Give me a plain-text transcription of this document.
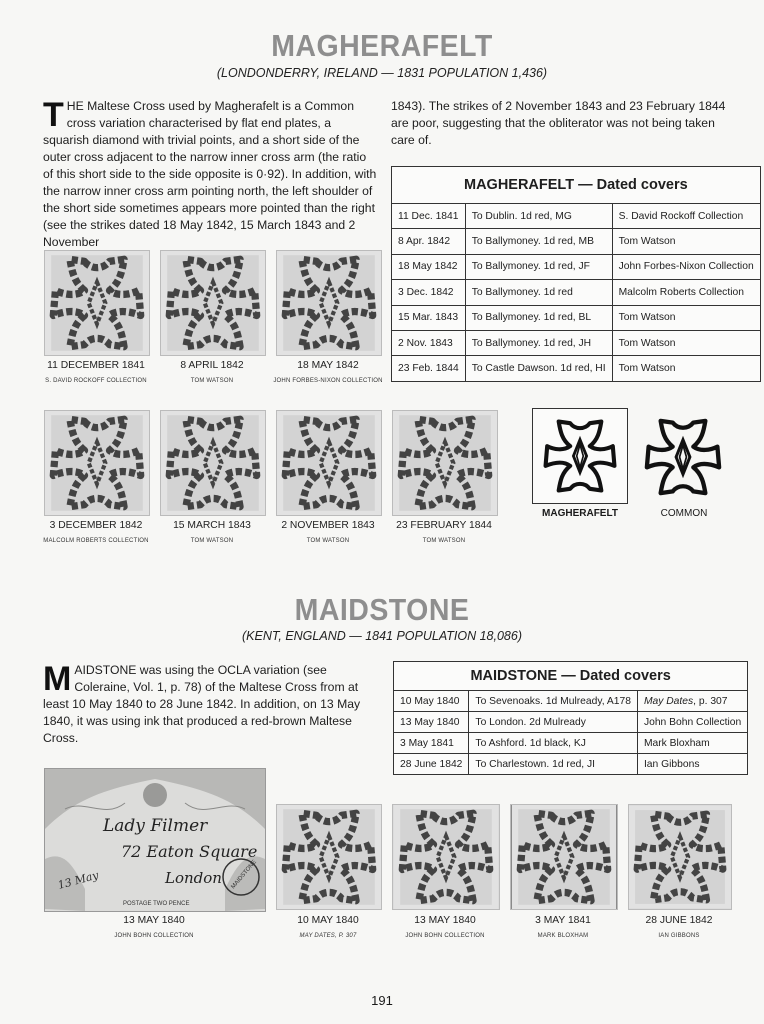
MAGHERAFELT
(LONDONDERRY, IRELAND — 1831 POPULATION 1,436)
THE Maltese Cross used by Magherafelt is a Common cross variation characterised by flat end plates, a squarish diamond with trivial points, and a short side of the outer cross adjacent to the narrow inner cross arm (the ratio of this short side to the side opposite is 0·92). In addition, with the narrow inner cross arm pointing north, the left shoulder of the short side sometimes appears more pointed than the right (see the strikes dated 18 May 1842, 15 March 1843 and 2 November
1843). The strikes of 2 November 1843 and 23 February 1844 are poor, suggesting that the obliterator was not being taken care of.
MAGHERAFELT — Dated covers		
11 Dec. 1841	To Dublin. 1d red, MG	S. David Rockoff Collection
8 Apr. 1842	To Ballymoney. 1d red, MB	Tom Watson
18 May 1842	To Ballymoney. 1d red, JF	John Forbes-Nixon Collection
3 Dec. 1842	To Ballymoney. 1d red	Malcolm Roberts Collection
15 Mar. 1843	To Ballymoney. 1d red, BL	Tom Watson
2 Nov. 1843	To Ballymoney. 1d red, JH	Tom Watson
23 Feb. 1844	To Castle Dawson. 1d red, HI	Tom Watson
11 DECEMBER 1841
S. DAVID ROCKOFF COLLECTION
8 APRIL 1842
TOM WATSON
18 MAY 1842
JOHN FORBES-NIXON COLLECTION
3 DECEMBER 1842
MALCOLM ROBERTS COLLECTION
15 MARCH 1843
TOM WATSON
2 NOVEMBER 1843
TOM WATSON
23 FEBRUARY 1844
TOM WATSON
MAGHERAFELT	COMMON
MAIDSTONE
(KENT, ENGLAND — 1841 POPULATION 18,086)
MAIDSTONE was using the OCLA variation (see Coleraine, Vol. 1, p. 78) of the Maltese Cross from at least 10 May 1840 to 28 June 1842. In addition, on 13 May 1840, it was using ink that produced a red-brown Maltese Cross.
MAIDSTONE — Dated covers		
10 May 1840	To Sevenoaks. 1d Mulready, A178	May Dates, p. 307
13 May 1840	To London. 2d Mulready	John Bohn Collection
3 May 1841	To Ashford. 1d black, KJ	Mark Bloxham
28 June 1842	To Charlestown. 1d red, JI	Ian Gibbons
Lady Filmer
72 Eaton Square
London
13 May	MAIDSTONE
POSTAGE TWO PENCE
13 MAY 1840
JOHN BOHN COLLECTION
10 MAY 1840
MAY DATES, P. 307
13 MAY 1840
JOHN BOHN COLLECTION
3 MAY 1841
MARK BLOXHAM
28 JUNE 1842
IAN GIBBONS
191
